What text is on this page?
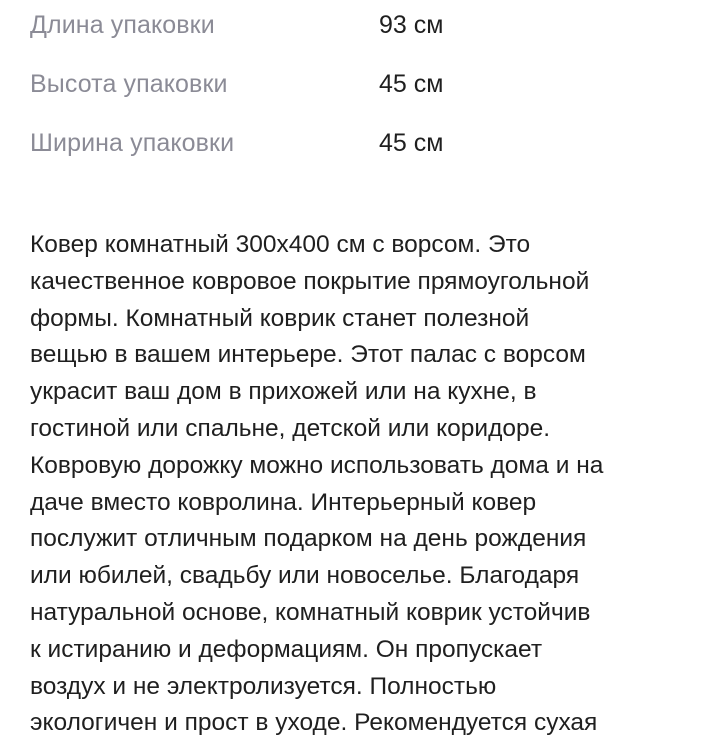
Длина упаковки	93 см
Высота упаковки	45 см
Ширина упаковки	45 см

Ковер комнатный 300x400 см с ворсом. Это
качественное ковровое покрытие прямоугольной
формы. Комнатный коврик станет полезной
вещью в вашем интерьере. Этот палас с ворсом
украсит ваш дом в прихожей или на кухне, в
гостиной или спальне, детской или коридоре.
Ковровую дорожку можно использовать дома и на
даче вместо ковролина. Интерьерный ковер
послужит отличным подарком на день рождения
или юбилей, свадьбу или новоселье. Благодаря
натуральной основе, комнатный коврик устойчив
к истиранию и деформациям. Он пропускает
воздух и не электролизуется. Полностью
экологичен и прост в уходе. Рекомендуется сухая
